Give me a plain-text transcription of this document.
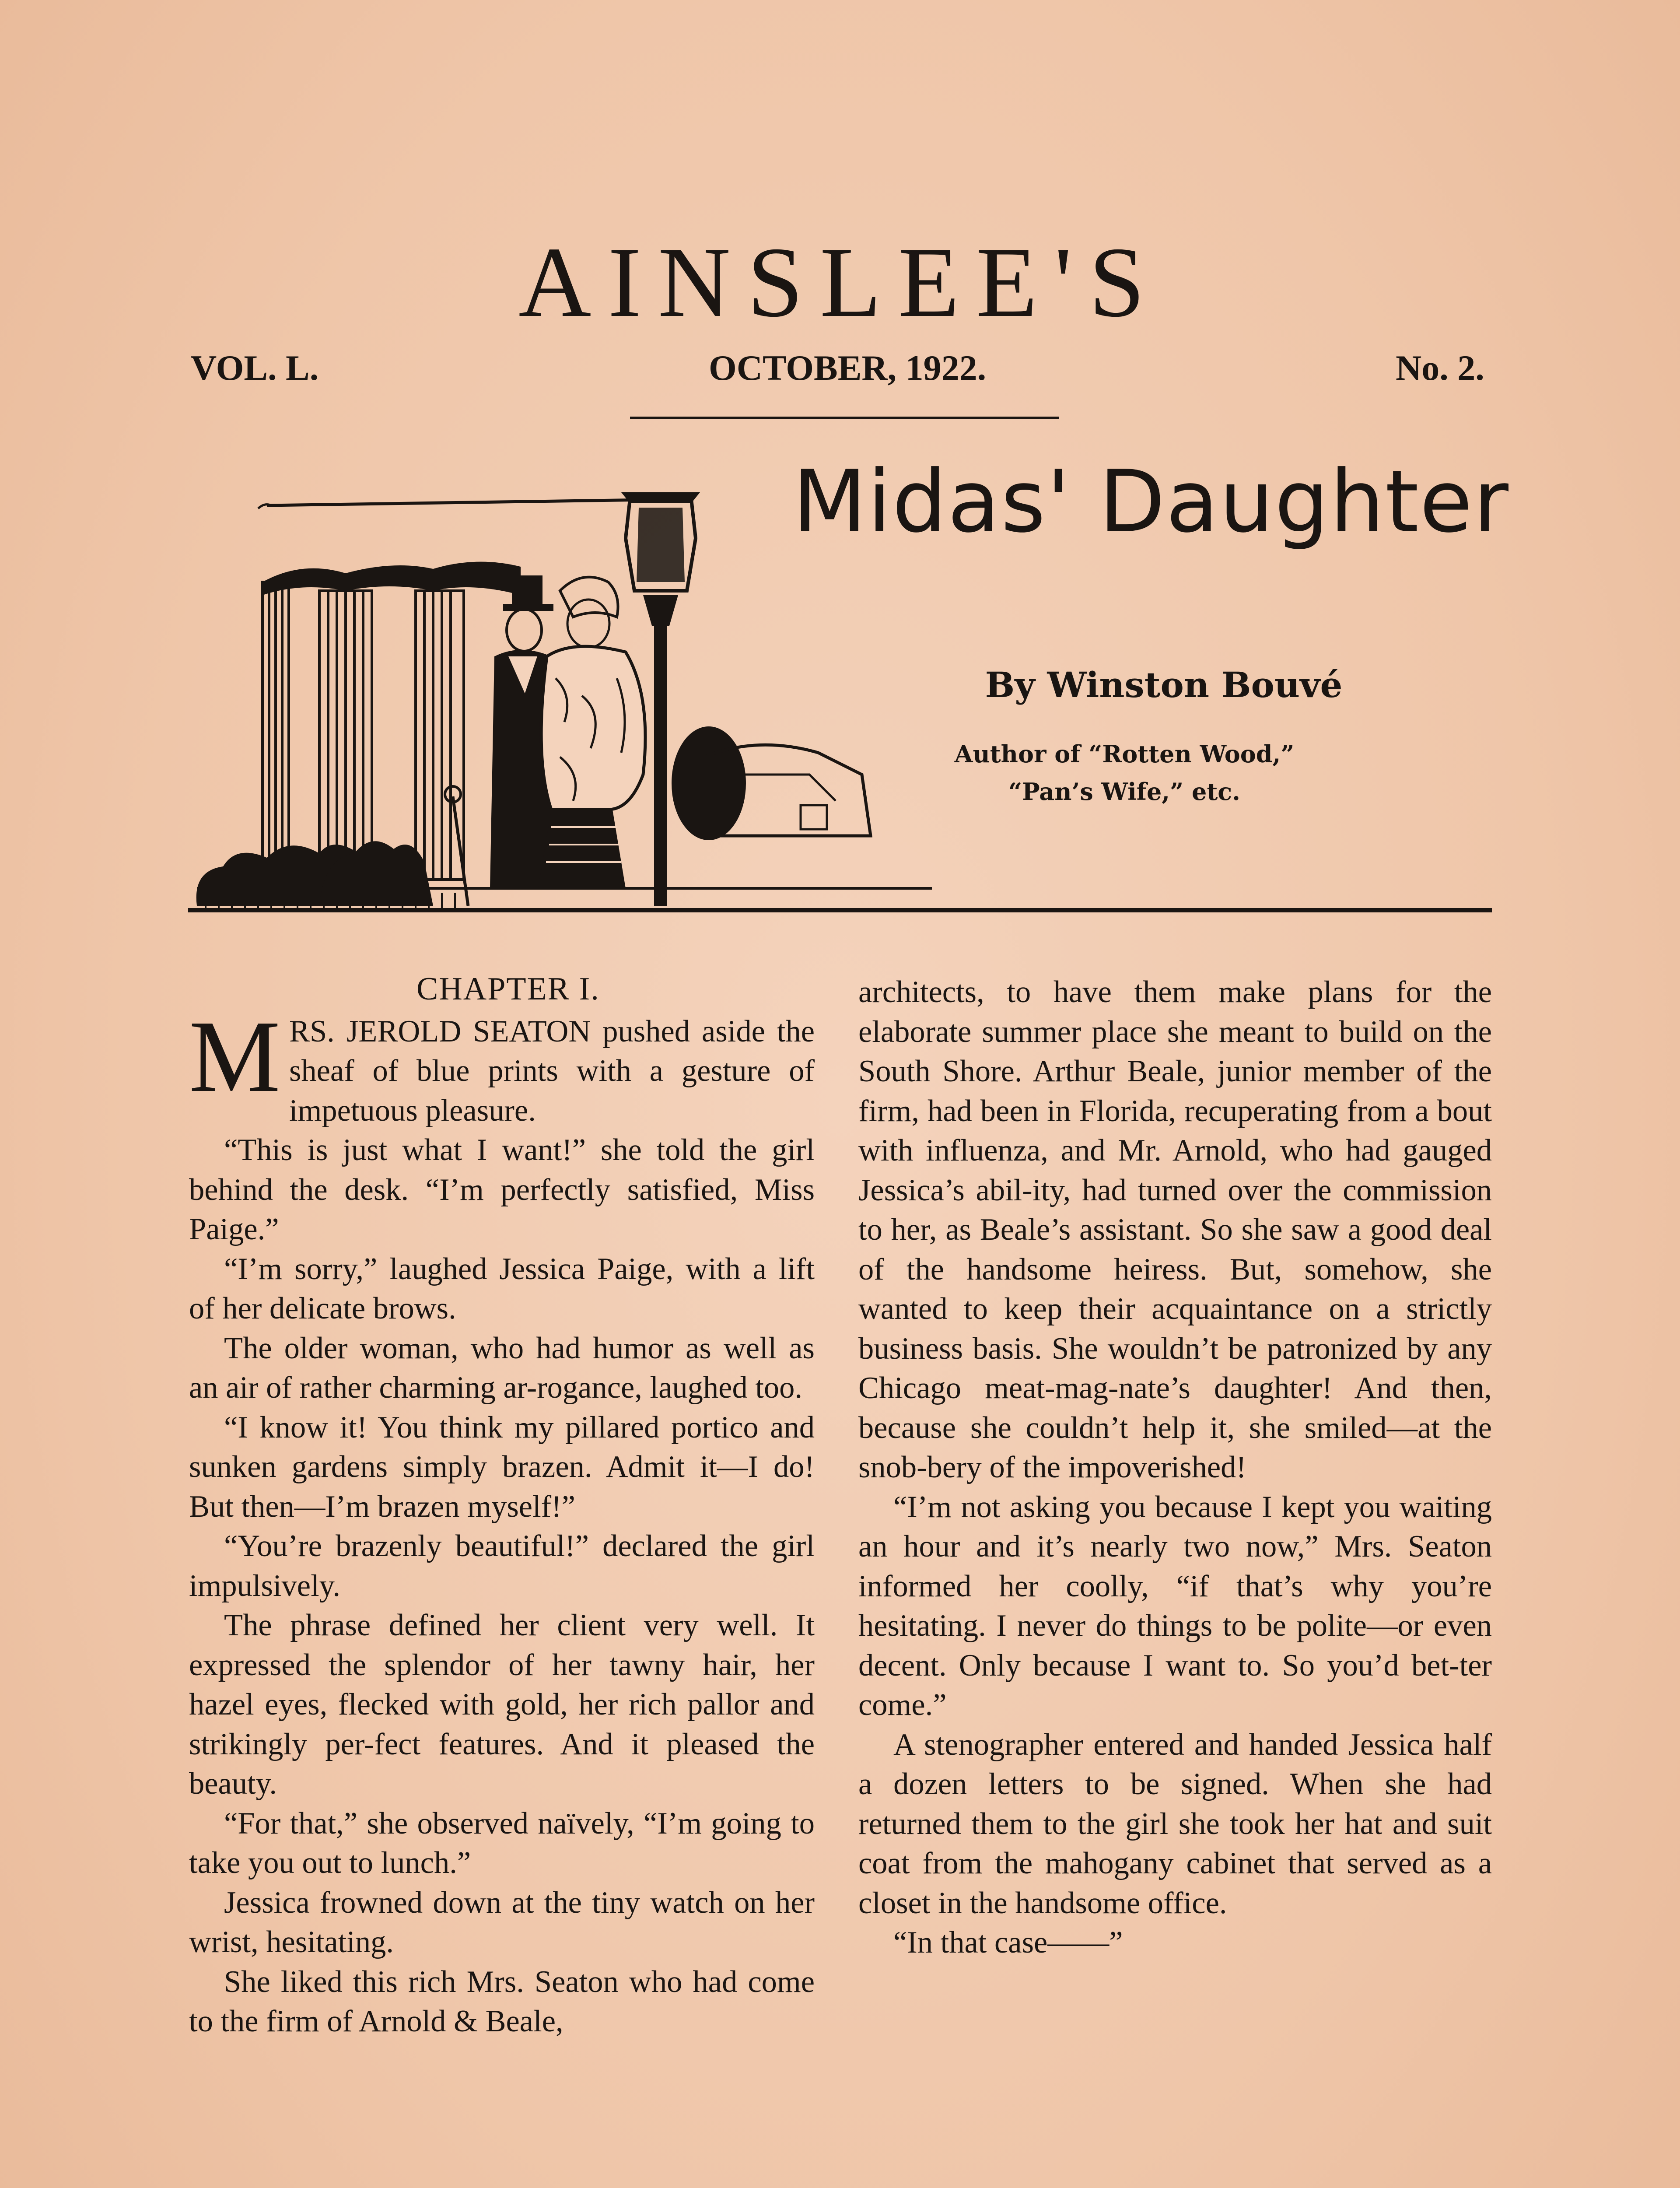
AINSLEE'S
VOL. L.	OCTOBER, 1922.	No. 2.
Midas' Daughter
By Winston Bouvé
Author of “Rotten Wood,”
“Pan’s Wife,” etc.
CHAPTER I.

MRS. JEROLD SEATON pushed aside the sheaf of blue prints with a gesture of impetuous pleasure.

“This is just what I want!” she told the girl behind the desk. “I’m perfectly satisfied, Miss Paige.”

“I’m sorry,” laughed Jessica Paige, with a lift of her delicate brows.

The older woman, who had humor as well as an air of rather charming ar-rogance, laughed too.

“I know it! You think my pillared portico and sunken gardens simply brazen. Admit it—I do! But then—I’m brazen myself!”

“You’re brazenly beautiful!” declared the girl impulsively.

The phrase defined her client very well. It expressed the splendor of her tawny hair, her hazel eyes, flecked with gold, her rich pallor and strikingly per-fect features. And it pleased the beauty.

“For that,” she observed naïvely, “I’m going to take you out to lunch.”

Jessica frowned down at the tiny watch on her wrist, hesitating.

She liked this rich Mrs. Seaton who had come to the firm of Arnold & Beale,

architects, to have them make plans for the elaborate summer place she meant to build on the South Shore. Arthur Beale, junior member of the firm, had been in Florida, recuperating from a bout with influenza, and Mr. Arnold, who had gauged Jessica’s abil-ity, had turned over the commission to her, as Beale’s assistant. So she saw a good deal of the handsome heiress. But, somehow, she wanted to keep their acquaintance on a strictly business basis. She wouldn’t be patronized by any Chicago meat-mag-nate’s daughter! And then, because she couldn’t help it, she smiled—at the snob-bery of the impoverished!

“I’m not asking you because I kept you waiting an hour and it’s nearly two now,” Mrs. Seaton informed her coolly, “if that’s why you’re hesitating. I never do things to be polite—or even decent. Only because I want to. So you’d bet-ter come.”

A stenographer entered and handed Jessica half a dozen letters to be signed. When she had returned them to the girl she took her hat and suit coat from the mahogany cabinet that served as a closet in the handsome office.

“In that case——”
